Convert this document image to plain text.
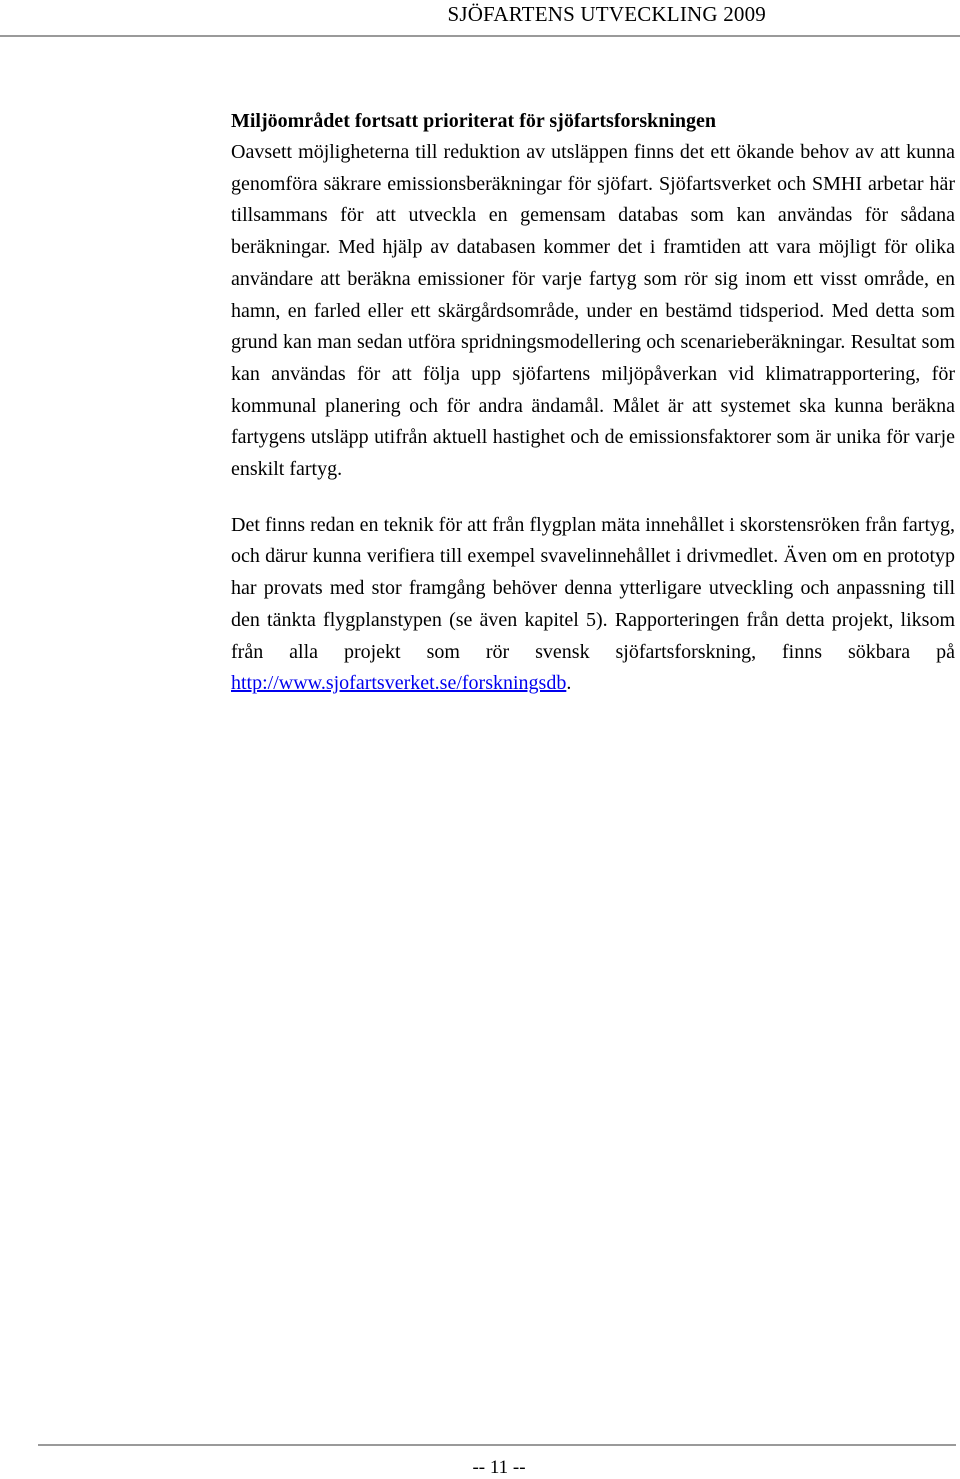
SJÖFARTENS UTVECKLING 2009
Miljöområdet fortsatt prioriterat för sjöfartsforskningen

Oavsett möjligheterna till reduktion av utsläppen finns det ett ökande behov av att kunna genomföra säkrare emissionsberäkningar för sjöfart. Sjöfartsverket och SMHI arbetar här tillsammans för att utveckla en gemensam databas som kan användas för sådana beräkningar. Med hjälp av databasen kommer det i framtiden att vara möjligt för olika användare att beräkna emissioner för varje fartyg som rör sig inom ett visst område, en hamn, en farled eller ett skärgårdsområde, under en bestämd tidsperiod. Med detta som grund kan man sedan utföra spridningsmodellering och scenarieberäkningar. Resultat som kan användas för att följa upp sjöfartens miljöpåverkan vid klimatrapportering, för kommunal planering och för andra ändamål. Målet är att systemet ska kunna beräkna fartygens utsläpp utifrån aktuell hastighet och de emissionsfaktorer som är unika för varje enskilt fartyg.

Det finns redan en teknik för att från flygplan mäta innehållet i skorstensröken från fartyg, och därur kunna verifiera till exempel svavelinnehållet i drivmedlet. Även om en prototyp har provats med stor framgång behöver denna ytterligare utveckling och anpassning till den tänkta flygplanstypen (se även kapitel 5). Rapporteringen från detta projekt, liksom från alla projekt som rör svensk sjöfartsforskning, finns sökbara på http://www.sjofartsverket.se/forskningsdb.

-- 11 --
